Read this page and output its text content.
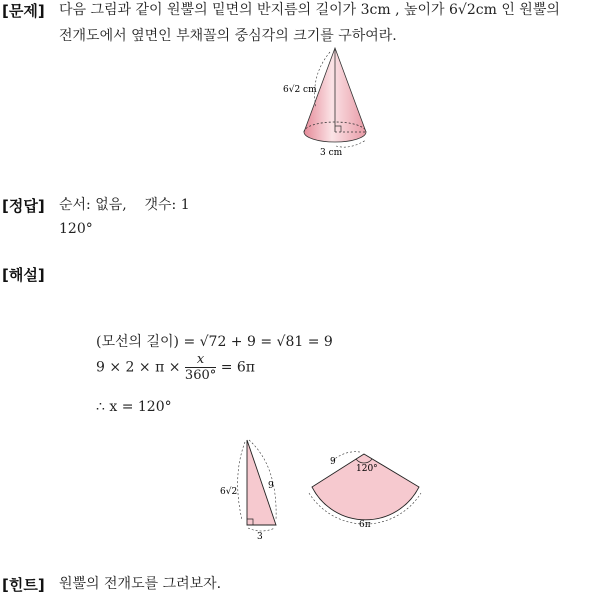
[문제] 다음 그림과 같이 원뿔의 밑면의 반지름의 길이가 3cm , 높이가 6√2cm 인 원뿔의
전개도에서 옆면인 부채꼴의 중심각의 크기를 구하여라.
6√2 cm
3 cm
[정답] 순서: 없음,    갯수: 1
120°
[해설]
(모선의 길이) = √72 + 9 = √81 = 9
$9 \times 2 \times \pi \times \frac{x}{360^\circ} = 6\pi$
∴ x = 120°
6√2
9
3
9
120°
6π
[힌트] 원뿔의 전개도를 그려보자.
